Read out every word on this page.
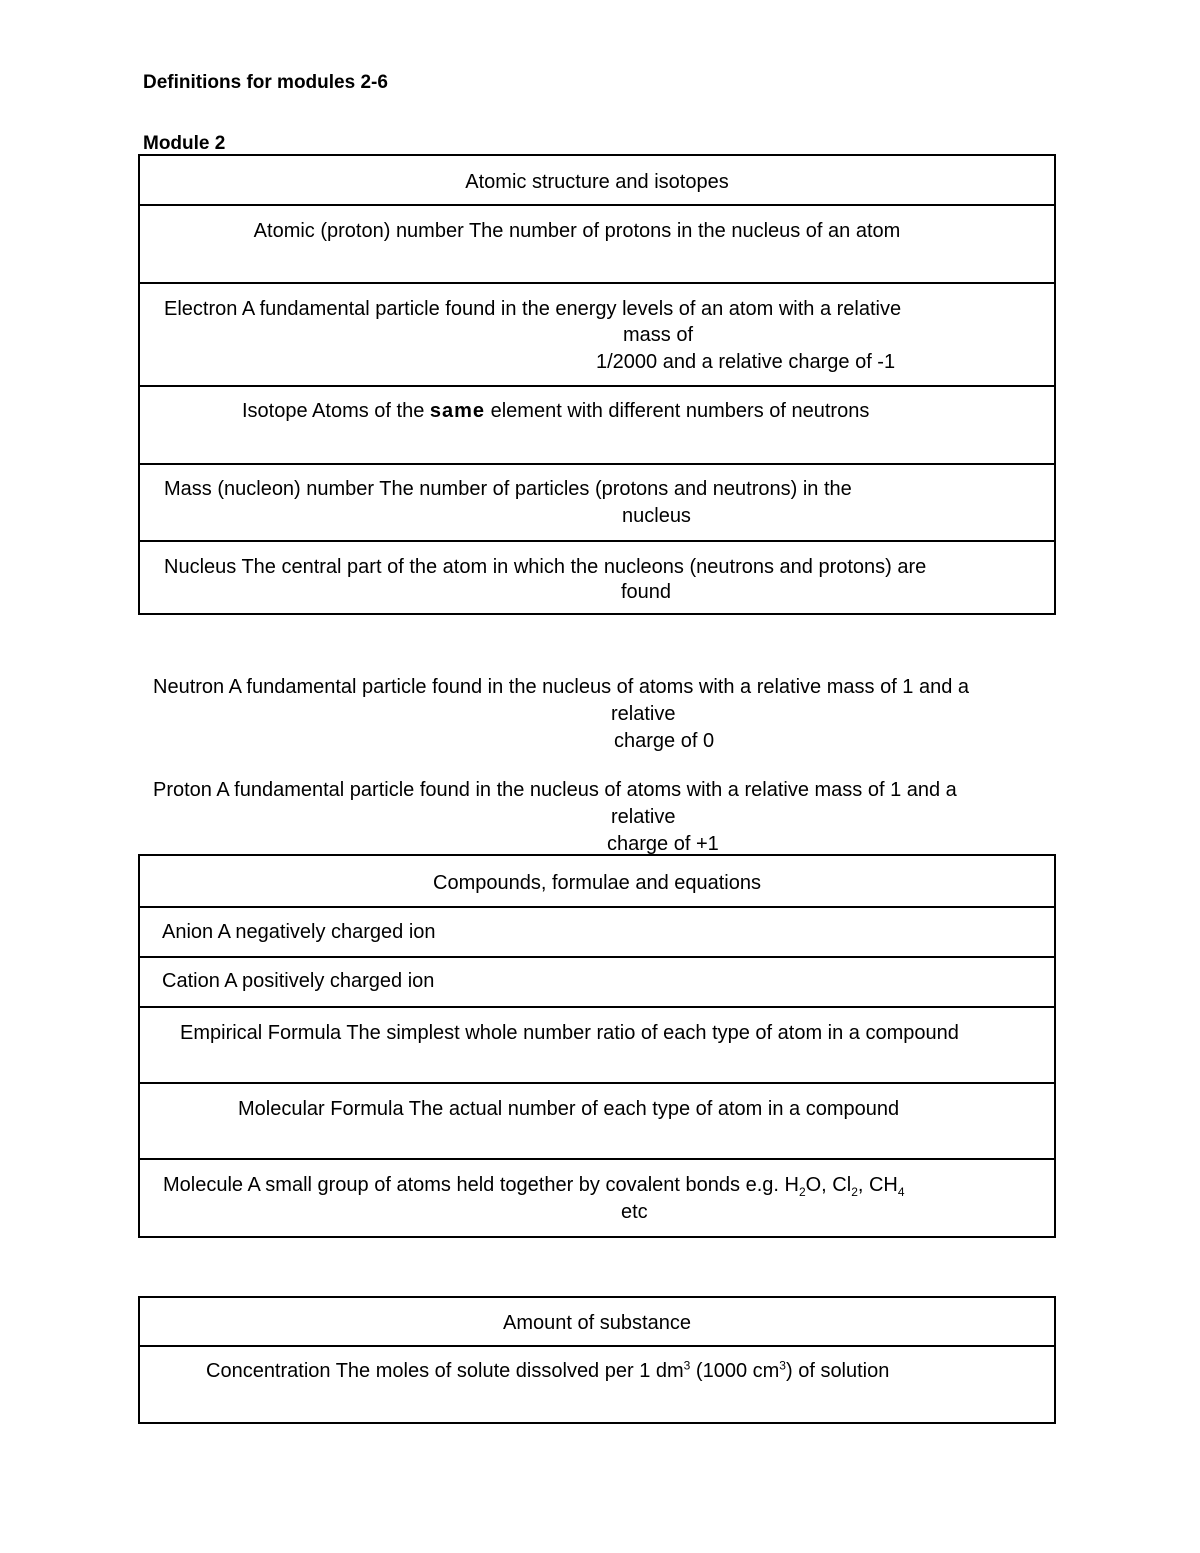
Definitions for modules 2-6
Module 2
Atomic structure and isotopes
Atomic (proton) number The number of protons in the nucleus of an atom
Electron A fundamental particle found in the energy levels of an atom with a relative
mass of
1/2000 and a relative charge of -1
Isotope Atoms of the same element with different numbers of neutrons
Mass (nucleon) number The number of particles (protons and neutrons) in the
nucleus
Nucleus The central part of the atom in which the nucleons (neutrons and protons) are
found
Neutron A fundamental particle found in the nucleus of atoms with a relative mass of 1 and a
relative
charge of 0
Proton A fundamental particle found in the nucleus of atoms with a relative mass of 1 and a
relative
charge of +1
Compounds, formulae and equations
Anion A negatively charged ion
Cation A positively charged ion
Empirical Formula The simplest whole number ratio of each type of atom in a compound
Molecular Formula The actual number of each type of atom in a compound
Molecule A small group of atoms held together by covalent bonds e.g. $H_2O$, $Cl_2$, $CH_4$
etc
Amount of substance
Concentration The moles of solute dissolved per 1 $dm^3$ (1000 $cm^3$) of solution
